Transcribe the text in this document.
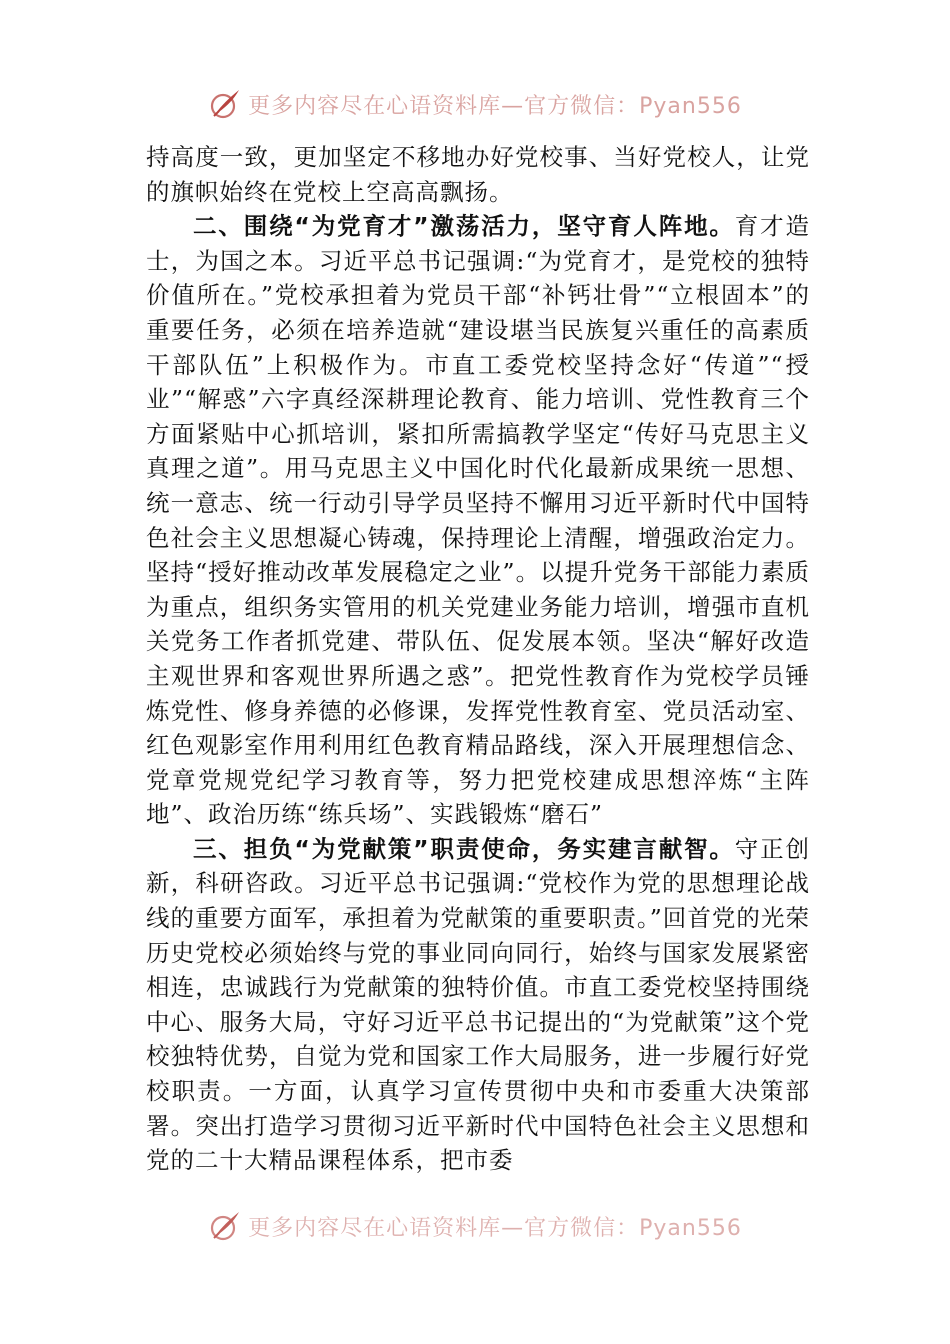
更多内容尽在心语资料库—官方微信：Pyan556

持高度一致，更加坚定不移地办好党校事、当好党校人，让党的旗帜始终在党校上空高高飘扬。

二、围绕“为党育才”激荡活力，坚守育人阵地。育才造士，为国之本。习近平总书记强调:“为党育才，是党校的独特价值所在。”党校承担着为党员干部“补钙壮骨”“立根固本”的重要任务，必须在培养造就“建设堪当民族复兴重任的高素质干部队伍”上积极作为。市直工委党校坚持念好“传道”“授业”“解惑”六字真经深耕理论教育、能力培训、党性教育三个方面紧贴中心抓培训，紧扣所需搞教学坚定“传好马克思主义真理之道”。用马克思主义中国化时代化最新成果统一思想、统一意志、统一行动引导学员坚持不懈用习近平新时代中国特色社会主义思想凝心铸魂，保持理论上清醒，增强政治定力。坚持“授好推动改革发展稳定之业”。以提升党务干部能力素质为重点，组织务实管用的机关党建业务能力培训，增强市直机关党务工作者抓党建、带队伍、促发展本领。坚决“解好改造主观世界和客观世界所遇之惑”。把党性教育作为党校学员锤炼党性、修身养德的必修课，发挥党性教育室、党员活动室、红色观影室作用利用红色教育精品路线，深入开展理想信念、党章党规党纪学习教育等，努力把党校建成思想淬炼“主阵地”、政治历练“练兵场”、实践锻炼“磨石”

三、担负“为党献策”职责使命，务实建言献智。守正创新，科研咨政。习近平总书记强调:“党校作为党的思想理论战线的重要方面军，承担着为党献策的重要职责。”回首党的光荣历史党校必须始终与党的事业同向同行，始终与国家发展紧密相连，忠诚践行为党献策的独特价值。市直工委党校坚持围绕中心、服务大局，守好习近平总书记提出的“为党献策”这个党校独特优势，自觉为党和国家工作大局服务，进一步履行好党校职责。一方面，认真学习宣传贯彻中央和市委重大决策部署。突出打造学习贯彻习近平新时代中国特色社会主义思想和党的二十大精品课程体系，把市委

更多内容尽在心语资料库—官方微信：Pyan556
